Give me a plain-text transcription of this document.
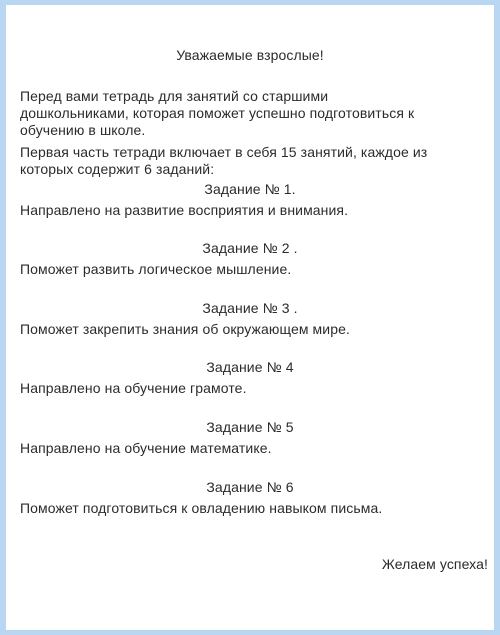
Уважаемые взрослые!
Перед вами тетрадь для занятий со старшими
дошкольниками, которая поможет успешно подготовиться к
обучению в школе.
Первая часть тетради включает в себя 15 занятий, каждое из
которых содержит 6 заданий:
Задание № 1.
Направлено на развитие восприятия и внимания.
Задание № 2 .
Поможет развить логическое мышление.
Задание № 3 .
Поможет закрепить знания об окружающем мире.
Задание № 4
Направлено на обучение грамоте.
Задание № 5
Направлено на обучение математике.
Задание № 6
Поможет подготовиться к овладению навыком письма.
Желаем успеха!
